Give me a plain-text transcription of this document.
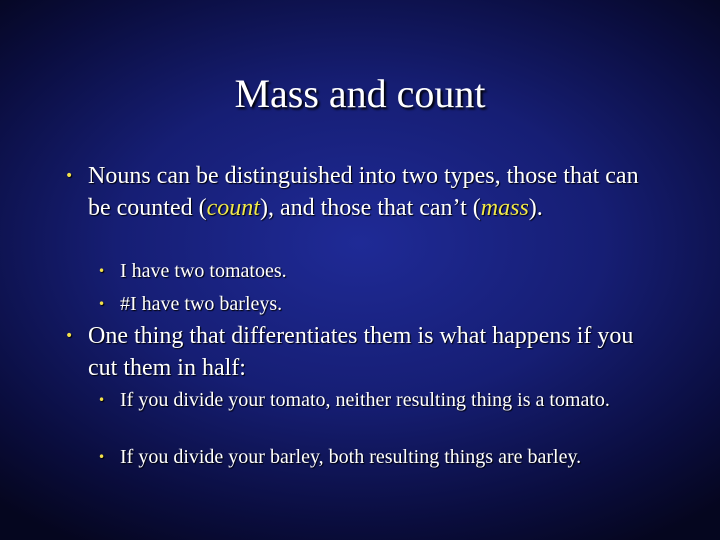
Mass and count
• Nouns can be distinguished into two types, those that can be counted (count), and those that can’t (mass).
• I have two tomatoes.
• #I have two barleys.
• One thing that differentiates them is what happens if you cut them in half:
• If you divide your tomato, neither resulting thing is a tomato.
• If you divide your barley, both resulting things are barley.
